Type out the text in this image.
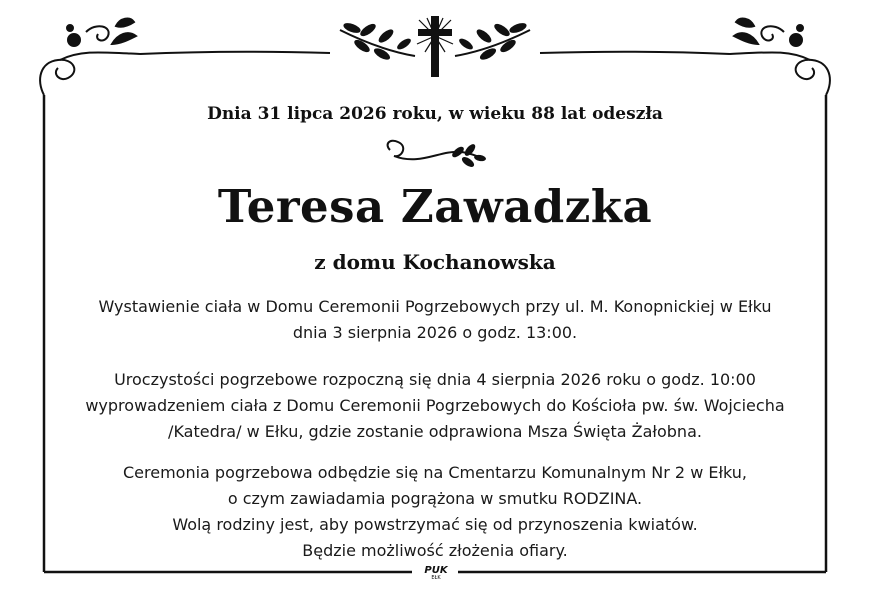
Dnia 31 lipca 2026 roku, w wieku 88 lat odeszła

Teresa Zawadzka

z domu Kochanowska

Wystawienie ciała w Domu Ceremonii Pogrzebowych przy ul. M. Konopnickiej w Ełku
dnia 3 sierpnia 2026 o godz. 13:00.
Uroczystości pogrzebowe rozpoczną się dnia 4 sierpnia 2026 roku o godz. 10:00
wyprowadzeniem ciała z Domu Ceremonii Pogrzebowych do Kościoła pw. św. Wojciecha
/Katedra/ w Ełku, gdzie zostanie odprawiona Msza Święta Żałobna.
Ceremonia pogrzebowa odbędzie się na Cmentarzu Komunalnym Nr 2 w Ełku,
o czym zawiadamia pogrążona w smutku RODZINA.
Wolą rodziny jest, aby powstrzymać się od przynoszenia kwiatów.
Będzie możliwość złożenia ofiary.
PUK
EŁK
